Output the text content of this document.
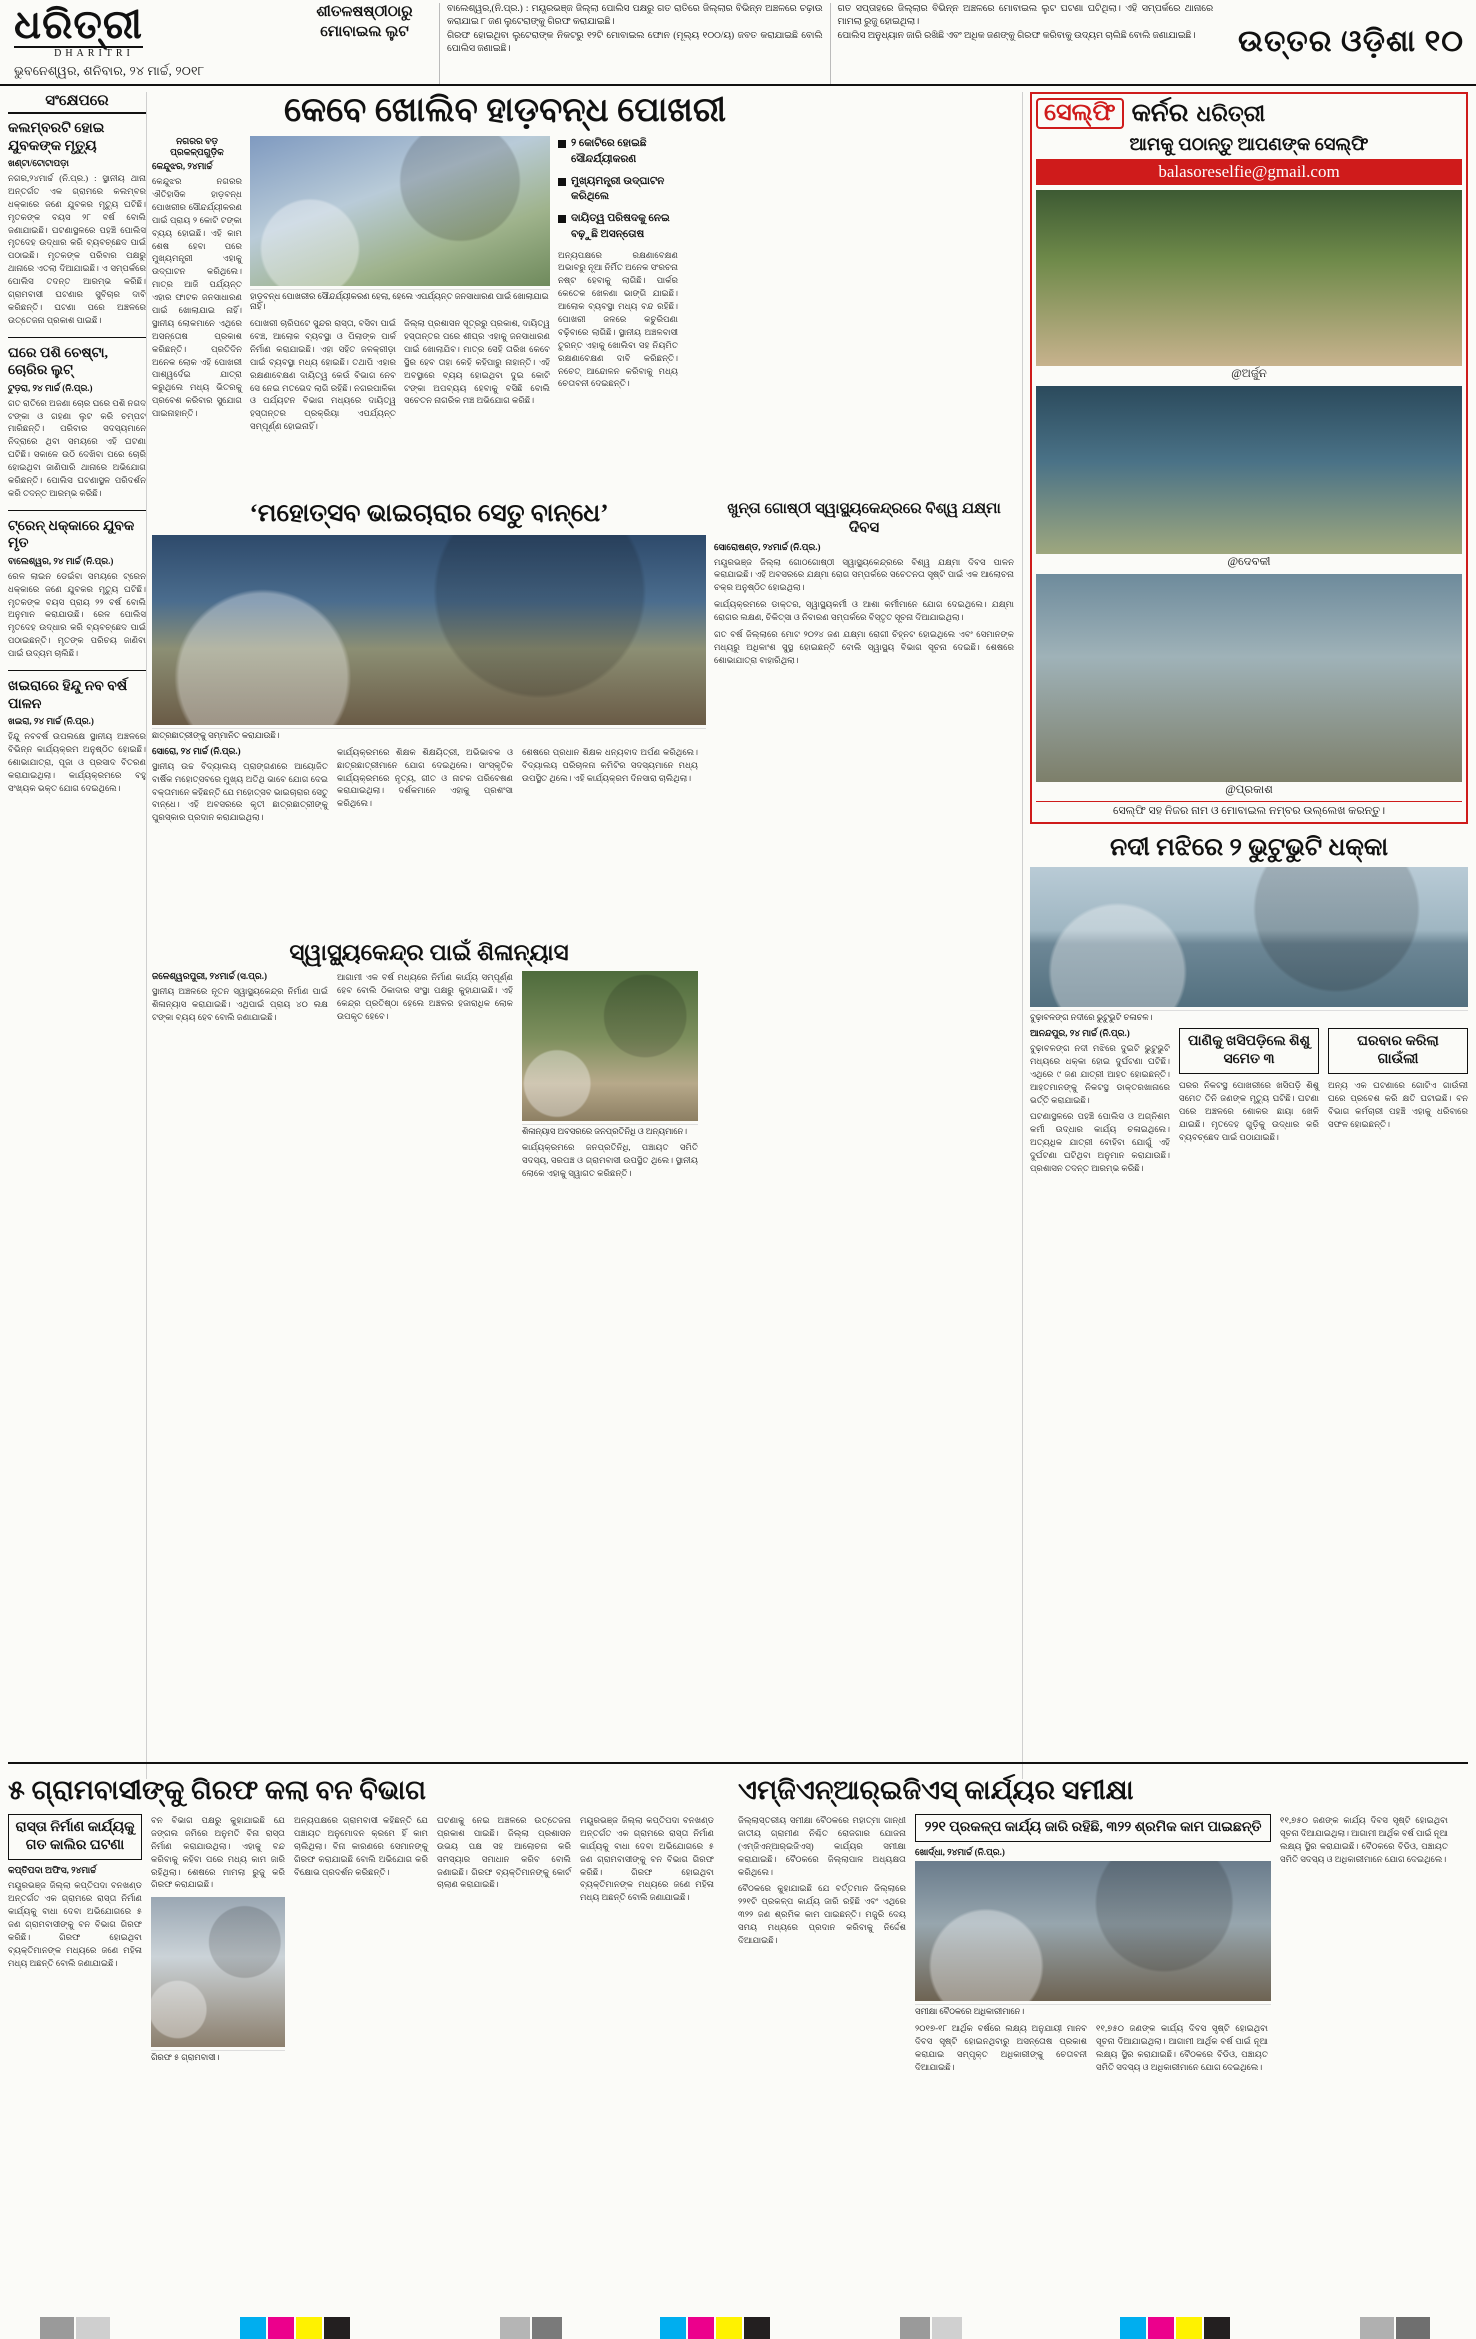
ଧରିତ୍ରୀ
DHARITRI
ଭୁବନେଶ୍ୱର, ଶନିବାର, ୨୪ ମାର୍ଚ୍ଚ, ୨୦୧୮
ଶୀତଳଷଷ୍ଠୀଠାରୁ
ମୋବାଇଲ ଲୁଟ
ବାଲେଶ୍ୱର,(ନି.ପ୍ର.) : ମୟୂରଭଞ୍ଜ ଜିଲ୍ଲା ପୋଲିସ ପକ୍ଷରୁ ଗତ ରାତିରେ ଜିଲ୍ଲାର ବିଭିନ୍ନ ଅଞ୍ଚଳରେ ଚଢ଼ାଉ କରାଯାଇ ୮ ଜଣ ଲୁଟେରାଙ୍କୁ ଗିରଫ କରାଯାଇଛି।
ଗିରଫ ହୋଇଥିବା ଲୁଟେରାଙ୍କ ନିକଟରୁ ୧୨ଟି ମୋବାଇଲ ଫୋନ (ମୂଲ୍ୟ ୧୦୦/ୟ) ଜବତ କରାଯାଇଛି ବୋଲି ପୋଲିସ ଜଣାଇଛି।
ଗତ ସପ୍ତାହରେ ଜିଲ୍ଲାର ବିଭିନ୍ନ ଅଞ୍ଚଳରେ ମୋବାଇଲ ଲୁଟ ଘଟଣା ଘଟିଥିଲା। ଏହି ସମ୍ପର୍କରେ ଥାନାରେ ମାମଲା ରୁଜୁ ହୋଇଥିଲା।
ପୋଲିସ ଅନୁଧ୍ୟାନ ଜାରି ରଖିଛି ଏବଂ ଅଧିକ ଜଣଙ୍କୁ ଗିରଫ କରିବାକୁ ଉଦ୍ୟମ ଚାଲିଛି ବୋଲି ଜଣାଯାଇଛି।	ଉତ୍ତର ଓଡ଼ିଶା ୧୦
ସଂକ୍ଷେପରେ
କଲମ୍ବରଟି ହୋଇ ଯୁବକଙ୍କ ମୃତ୍ୟୁ
ଖଣ୍ଟା/ଟୋଟାପଡ଼ା
ନଗର,୨୪ମାର୍ଚ୍ଚ (ନି.ପ୍ର.) : ସ୍ଥାନୀୟ ଥାନା ଅନ୍ତର୍ଗତ ଏକ ଗ୍ରାମରେ କଲମ୍ବର ଧକ୍କାରେ ଜଣେ ଯୁବକର ମୃତ୍ୟୁ ଘଟିଛି। ମୃତକଙ୍କ ବୟସ ୨୮ ବର୍ଷ ବୋଲି ଜଣାଯାଇଛି। ଘଟଣାସ୍ଥଳରେ ପହଞ୍ଚି ପୋଲିସ ମୃତଦେହ ଉଦ୍ଧାର କରି ବ୍ୟବଚ୍ଛେଦ ପାଇଁ ପଠାଇଛି। ମୃତକଙ୍କ ପରିବାର ପକ୍ଷରୁ ଥାନାରେ ଏତଲା ଦିଆଯାଇଛି। ଏ ସମ୍ପର୍କରେ ପୋଲିସ ତଦନ୍ତ ଆରମ୍ଭ କରିଛି। ଗ୍ରାମବାସୀ ଘଟଣାର ସୁବିଚାର ଦାବି କରିଛନ୍ତି। ଘଟଣା ପରେ ଅଞ୍ଚଳରେ ଉତ୍ତେଜନା ପ୍ରକାଶ ପାଇଛି।
ଘରେ ପଶି ଚେଷ୍ଟା, ଚୋରିର ଲୁଟ୍
ଟୁଡ଼ରା, ୨୪ ମାର୍ଚ୍ଚ (ନି.ପ୍ର.)
ଗତ ରାତିରେ ଅଜଣା ଚୋର ଘରେ ପଶି ନଗଦ ଟଙ୍କା ଓ ଗହଣା ଲୁଟ କରି ଚମ୍ପଟ ମାରିଛନ୍ତି। ପରିବାର ସଦସ୍ୟମାନେ ନିଦ୍ରାରେ ଥିବା ସମୟରେ ଏହି ଘଟଣା ଘଟିଛି। ସକାଳେ ଉଠି ଦେଖିବା ପରେ ଚୋରି ହୋଇଥିବା ଜାଣିପାରି ଥାନାରେ ଅଭିଯୋଗ କରିଛନ୍ତି। ପୋଲିସ ଘଟଣାସ୍ଥଳ ପରିଦର୍ଶନ କରି ତଦନ୍ତ ଆରମ୍ଭ କରିଛି।
ଟ୍ରେନ୍ ଧକ୍କାରେ ଯୁବକ ମୃତ
ବାଲେଶ୍ୱର, ୨୪ ମାର୍ଚ୍ଚ (ନି.ପ୍ର.)
ରେଳ ଲାଇନ ଡେଇଁବା ସମୟରେ ଟ୍ରେନ ଧକ୍କାରେ ଜଣେ ଯୁବକର ମୃତ୍ୟୁ ଘଟିଛି। ମୃତକଙ୍କ ବୟସ ପ୍ରାୟ ୨୨ ବର୍ଷ ବୋଲି ଅନୁମାନ କରାଯାଉଛି। ରେଳ ପୋଲିସ ମୃତଦେହ ଉଦ୍ଧାର କରି ବ୍ୟବଚ୍ଛେଦ ପାଇଁ ପଠାଇଛନ୍ତି। ମୃତଙ୍କ ପରିଚୟ ଜାଣିବା ପାଇଁ ଉଦ୍ୟମ ଚାଲିଛି।
ଖଇରାରେ ହିନ୍ଦୁ ନବ ବର୍ଷ ପାଳନ
ଖଇରା, ୨୪ ମାର୍ଚ୍ଚ (ନି.ପ୍ର.)
ହିନ୍ଦୁ ନବବର୍ଷ ଉପଲକ୍ଷେ ସ୍ଥାନୀୟ ଅଞ୍ଚଳରେ ବିଭିନ୍ନ କାର୍ଯ୍ୟକ୍ରମ ଅନୁଷ୍ଠିତ ହୋଇଛି। ଶୋଭାଯାତ୍ରା, ପୂଜା ଓ ପ୍ରସାଦ ବିତରଣ କରାଯାଇଥିଲା। କାର୍ଯ୍ୟକ୍ରମରେ ବହୁ ସଂଖ୍ୟକ ଭକ୍ତ ଯୋଗ ଦେଇଥିଲେ।
କେବେ ଖୋଲିବ ହାଡ଼ବନ୍ଧ ପୋଖରୀ
ନଗରର ବଡ଼ ପ୍ରକଳ୍ପଗୁଡ଼ିକ
କେନ୍ଦୁଝର, ୨୪ମାର୍ଚ୍ଚ
କେନ୍ଦୁଝର ନଗରର ଐତିହାସିକ ହାଡ଼ବନ୍ଧ ପୋଖରୀର ସୌନ୍ଦର୍ଯ୍ୟୀକରଣ ପାଇଁ ପ୍ରାୟ ୨ କୋଟି ଟଙ୍କା ବ୍ୟୟ ହୋଇଛି। ଏହି କାମ ଶେଷ ହେବା ପରେ ମୁଖ୍ୟମନ୍ତ୍ରୀ ଏହାକୁ ଉଦ୍‌ଘାଟନ କରିଥିଲେ। ମାତ୍ର ଆଜି ପର୍ଯ୍ୟନ୍ତ ଏହାର ଫାଟକ ଜନସାଧାରଣ ପାଇଁ ଖୋଲାଯାଇ ନାହିଁ। ସ୍ଥାନୀୟ ଲୋକମାନେ ଏଥିରେ ଅସନ୍ତୋଷ ପ୍ରକାଶ କରିଛନ୍ତି। ପ୍ରତିଦିନ ଅନେକ ଲୋକ ଏହି ପୋଖରୀ ପାଶ୍ୱର୍ଦେଇ ଯାତ୍ରା କରୁଥିଲେ ମଧ୍ୟ ଭିତରକୁ ପ୍ରବେଶ କରିବାର ସୁଯୋଗ ପାଇନାହାନ୍ତି।
ହାଡ଼ବନ୍ଧ ପୋଖରୀର ସୌନ୍ଦର୍ଯ୍ୟୀକରଣ ହେଲା, ହେଲେ ଏପର୍ଯ୍ୟନ୍ତ ଜନସାଧାରଣ ପାଇଁ ଖୋଲାଯାଇ ନାହିଁ।
ପୋଖରୀ ଚାରିପଟେ ସୁନ୍ଦର ରାସ୍ତା, ବସିବା ପାଇଁ ବେଞ୍ଚ, ଆଲୋକ ବ୍ୟବସ୍ଥା ଓ ପିଲାଙ୍କ ପାର୍କ ନିର୍ମାଣ କରାଯାଇଛି। ଏହା ସହିତ ଜଳକ୍ରୀଡ଼ା ପାଇଁ ବ୍ୟବସ୍ଥା ମଧ୍ୟ ହୋଇଛି। ତଥାପି ଏହାର ରକ୍ଷଣାବେକ୍ଷଣ ଦାୟିତ୍ୱ କେଉଁ ବିଭାଗ ନେବ ସେ ନେଇ ମତଭେଦ ଲାଗି ରହିଛି। ନଗରପାଳିକା ଓ ପର୍ଯ୍ୟଟନ ବିଭାଗ ମଧ୍ୟରେ ଦାୟିତ୍ୱ ହସ୍ତାନ୍ତର ପ୍ରକ୍ରିୟା ଏପର୍ଯ୍ୟନ୍ତ ସମ୍ପୂର୍ଣ୍ଣ ହୋଇନାହିଁ।
ଜିଲ୍ଲା ପ୍ରଶାସନ ସୂତ୍ରରୁ ପ୍ରକାଶ, ଦାୟିତ୍ୱ ହସ୍ତାନ୍ତର ପରେ ଶୀଘ୍ର ଏହାକୁ ଜନସାଧାରଣ ପାଇଁ ଖୋଲାଯିବ। ମାତ୍ର ସେହି ତାରିଖ କେବେ ସ୍ଥିର ହେବ ତାହା କେହି କହିପାରୁ ନାହାନ୍ତି। ଏହି ଅବସ୍ଥାରେ ବ୍ୟୟ ହୋଇଥିବା ଦୁଇ କୋଟି ଟଙ୍କା ଅପବ୍ୟୟ ହେବାକୁ ବସିଛି ବୋଲି ସଚେତନ ନାଗରିକ ମଞ୍ଚ ଅଭିଯୋଗ କରିଛି।
୨ କୋଟିରେ ହୋଇଛି ସୌନ୍ଦର୍ଯ୍ୟୀକରଣ
ମୁଖ୍ୟମନ୍ତ୍ରୀ ଉଦ୍‌ଘାଟନ କରିଥିଲେ
ଦାୟିତ୍ୱ ପରିଷଦକୁ ନେଇ ବଢ଼ୁଛି ଅସନ୍ତୋଷ
ଅନ୍ୟପକ୍ଷରେ ରକ୍ଷଣାବେକ୍ଷଣ ଅଭାବରୁ ନୂଆ ନିର୍ମିତ ଅନେକ ସଂରଚନା ନଷ୍ଟ ହେବାକୁ ଲାଗିଛି। ପାର୍କର କେତେକ ଖେଳଣା ଭାଙ୍ଗି ଯାଇଛି। ଆଲୋକ ବ୍ୟବସ୍ଥା ମଧ୍ୟ ବନ୍ଦ ରହିଛି। ପୋଖରୀ ଜଳରେ କଚୁରିପଣା ବଢ଼ିବାରେ ଲାଗିଛି। ସ୍ଥାନୀୟ ଅଞ୍ଚଳବାସୀ ତୁରନ୍ତ ଏହାକୁ ଖୋଲିବା ସହ ନିୟମିତ ରକ୍ଷଣାବେକ୍ଷଣ ଦାବି କରିଛନ୍ତି। ନଚେତ୍ ଆନ୍ଦୋଳନ କରିବାକୁ ମଧ୍ୟ ଚେତାବନୀ ଦେଇଛନ୍ତି।
‘ମହୋତ୍ସବ ଭାଇଚାରାର ସେତୁ ବାନ୍ଧେ’
ଛାତ୍ରଛାତ୍ରୀଙ୍କୁ ସମ୍ମାନିତ କରାଯାଉଛି।
ସୋରୋ, ୨୪ ମାର୍ଚ୍ଚ (ନି.ପ୍ର.)
ସ୍ଥାନୀୟ ଉଚ୍ଚ ବିଦ୍ୟାଲୟ ପ୍ରାଙ୍ଗଣରେ ଆୟୋଜିତ ବାର୍ଷିକ ମହୋତ୍ସବରେ ମୁଖ୍ୟ ଅତିଥି ଭାବେ ଯୋଗ ଦେଇ ବକ୍ତାମାନେ କହିଛନ୍ତି ଯେ ମହୋତ୍ସବ ଭାଇଚାରାର ସେତୁ ବାନ୍ଧେ। ଏହି ଅବସରରେ କୃତୀ ଛାତ୍ରଛାତ୍ରୀଙ୍କୁ ପୁରସ୍କାର ପ୍ରଦାନ କରାଯାଇଥିଲା।
କାର୍ଯ୍ୟକ୍ରମରେ ଶିକ୍ଷକ ଶିକ୍ଷୟିତ୍ରୀ, ଅଭିଭାବକ ଓ ଛାତ୍ରଛାତ୍ରୀମାନେ ଯୋଗ ଦେଇଥିଲେ। ସାଂସ୍କୃତିକ କାର୍ଯ୍ୟକ୍ରମରେ ନୃତ୍ୟ, ଗୀତ ଓ ନାଟକ ପରିବେଷଣ କରାଯାଇଥିଲା। ଦର୍ଶକମାନେ ଏହାକୁ ପ୍ରଶଂସା କରିଥିଲେ।
ଶେଷରେ ପ୍ରଧାନ ଶିକ୍ଷକ ଧନ୍ୟବାଦ ଅର୍ପଣ କରିଥିଲେ। ବିଦ୍ୟାଲୟ ପରିଚାଳନା କମିଟିର ସଦସ୍ୟମାନେ ମଧ୍ୟ ଉପସ୍ଥିତ ଥିଲେ। ଏହି କାର୍ଯ୍ୟକ୍ରମ ଦିନସାରା ଚାଲିଥିଲା।
ସ୍ୱାସ୍ଥ୍ୟକେନ୍ଦ୍ର ପାଇଁ ଶିଳାନ୍ୟାସ
ଜଳେଶ୍ୱରପୁରୀ, ୨୪ମାର୍ଚ୍ଚ (ସ.ପ୍ର.)
ସ୍ଥାନୀୟ ଅଞ୍ଚଳରେ ନୂତନ ସ୍ୱାସ୍ଥ୍ୟକେନ୍ଦ୍ର ନିର୍ମାଣ ପାଇଁ ଶିଳାନ୍ୟାସ କରାଯାଇଛି। ଏଥିପାଇଁ ପ୍ରାୟ ୪୦ ଲକ୍ଷ ଟଙ୍କା ବ୍ୟୟ ହେବ ବୋଲି ଜଣାଯାଇଛି।
ଆଗାମୀ ଏକ ବର୍ଷ ମଧ୍ୟରେ ନିର୍ମାଣ କାର୍ଯ୍ୟ ସମ୍ପୂର୍ଣ୍ଣ ହେବ ବୋଲି ଠିକାଦାର ସଂସ୍ଥା ପକ୍ଷରୁ କୁହାଯାଇଛି। ଏହି କେନ୍ଦ୍ର ପ୍ରତିଷ୍ଠା ହେଲେ ଅଞ୍ଚଳର ହଜାରାଧିକ ଲୋକ ଉପକୃତ ହେବେ।
ଶିଳାନ୍ୟାସ ଅବସରରେ ଜନପ୍ରତିନିଧି ଓ ଅନ୍ୟମାନେ।
କାର୍ଯ୍ୟକ୍ରମରେ ଜନପ୍ରତିନିଧି, ପଞ୍ଚାୟତ ସମିତି ସଦସ୍ୟ, ସରପଞ୍ଚ ଓ ଗ୍ରାମବାସୀ ଉପସ୍ଥିତ ଥିଲେ। ସ୍ଥାନୀୟ ଲୋକେ ଏହାକୁ ସ୍ୱାଗତ କରିଛନ୍ତି।
ଖୁନ୍ତା ଗୋଷ୍ଠୀ ସ୍ୱାସ୍ଥ୍ୟକେନ୍ଦ୍ରରେ ବିଶ୍ୱ ଯକ୍ଷ୍ମା ଦିବସ
ସୋରୋଷଣ୍ଡ, ୨୪ମାର୍ଚ୍ଚ (ନି.ପ୍ର.)
ମୟୂରଭଞ୍ଜ ଜିଲ୍ଲା ଗୋଠଗୋଷ୍ଠୀ ସ୍ୱାସ୍ଥ୍ୟକେନ୍ଦ୍ରରେ ବିଶ୍ୱ ଯକ୍ଷ୍ମା ଦିବସ ପାଳନ କରାଯାଇଛି। ଏହି ଅବସରରେ ଯକ୍ଷ୍ମା ରୋଗ ସମ୍ପର୍କରେ ସଚେତନତା ସୃଷ୍ଟି ପାଇଁ ଏକ ଆଲୋଚନା ଚକ୍ର ଅନୁଷ୍ଠିତ ହୋଇଥିଲା।
କାର୍ଯ୍ୟକ୍ରମରେ ଡାକ୍ତର, ସ୍ୱାସ୍ଥ୍ୟକର୍ମୀ ଓ ଆଶା କର୍ମୀମାନେ ଯୋଗ ଦେଇଥିଲେ। ଯକ୍ଷ୍ମା ରୋଗର ଲକ୍ଷଣ, ଚିକିତ୍ସା ଓ ନିବାରଣ ସମ୍ପର୍କରେ ବିସ୍ତୃତ ସୂଚନା ଦିଆଯାଇଥିଲା।
ଗତ ବର୍ଷ ଜିଲ୍ଲାରେ ମୋଟ ୨୦୨୪ ଜଣ ଯକ୍ଷ୍ମା ରୋଗୀ ଚିହ୍ନଟ ହୋଇଥିଲେ ଏବଂ ସେମାନଙ୍କ ମଧ୍ୟରୁ ଅଧିକାଂଶ ସୁସ୍ଥ ହୋଇଛନ୍ତି ବୋଲି ସ୍ୱାସ୍ଥ୍ୟ ବିଭାଗ ସୂଚନା ଦେଇଛି। ଶେଷରେ ଶୋଭାଯାତ୍ରା ବାହାରିଥିଲା।
ସେଲ୍‌ଫି କର୍ନର ଧରିତ୍ରୀ
ଆମକୁ ପଠାନ୍ତୁ ଆପଣଙ୍କ ସେଲ୍‌ଫି
balasoreselfie@gmail.com
@ଅର୍ଜୁନ
@ଦେବକୀ
@ପ୍ରକାଶ
ସେଲ୍‌ଫି ସହ ନିଜର ନାମ ଓ ମୋବାଇଲ ନମ୍ବର ଉଲ୍ଲେଖ କରନ୍ତୁ।
ନଦୀ ମଝିରେ ୨ ଭୁଟୁଭୁଟି ଧକ୍କା
ବୁଢ଼ାବଳଙ୍ଗ ନଦୀରେ ଭୁଟୁଭୁଟି ଚଳାଚଳ।
ଆନନ୍ଦପୁର, ୨୪ ମାର୍ଚ୍ଚ (ନି.ପ୍ର.)
ବୁଢ଼ାବଳଙ୍ଗ ନଦୀ ମଝିରେ ଦୁଇଟି ଭୁଟୁଭୁଟି ମଧ୍ୟରେ ଧକ୍କା ହୋଇ ଦୁର୍ଘଟଣା ଘଟିଛି। ଏଥିରେ ୯ ଜଣ ଯାତ୍ରୀ ଆହତ ହୋଇଛନ୍ତି। ଆହତମାନଙ୍କୁ ନିକଟସ୍ଥ ଡାକ୍ତରଖାନାରେ ଭର୍ତ୍ତି କରାଯାଇଛି।
ଘଟଣାସ୍ଥଳରେ ପହଞ୍ଚି ପୋଲିସ ଓ ଅଗ୍ନିଶମ କର୍ମୀ ଉଦ୍ଧାର କାର୍ଯ୍ୟ ଚଳାଇଥିଲେ। ଅତ୍ୟଧିକ ଯାତ୍ରୀ ବୋହିବା ଯୋଗୁଁ ଏହି ଦୁର୍ଘଟଣା ଘଟିଥିବା ଅନୁମାନ କରାଯାଉଛି। ପ୍ରଶାସନ ତଦନ୍ତ ଆରମ୍ଭ କରିଛି।
ପାଣିକୁ ଖସିପଡ଼ିଲେ ଶିଶୁ ସମେତ ୩
ଘରର ନିକଟସ୍ଥ ପୋଖରୀରେ ଖସିପଡ଼ି ଶିଶୁ ସମେତ ତିନି ଜଣଙ୍କ ମୃତ୍ୟୁ ଘଟିଛି। ଘଟଣା ପରେ ଅଞ୍ଚଳରେ ଶୋକର ଛାୟା ଖେଳି ଯାଇଛି। ମୃତଦେହ ଗୁଡ଼ିକୁ ଉଦ୍ଧାର କରି ବ୍ୟବଚ୍ଛେଦ ପାଇଁ ପଠାଯାଇଛି।
ଘରବାର କରିଲା ଗାଉଁଲୀ
ଅନ୍ୟ ଏକ ଘଟଣାରେ ଗୋଟିଏ ଗାଉଁଲୀ ଘରେ ପ୍ରବେଶ କରି କ୍ଷତି ଘଟାଇଛି। ବନ ବିଭାଗ କର୍ମଚାରୀ ପହଞ୍ଚି ଏହାକୁ ଧରିବାରେ ସଫଳ ହୋଇଛନ୍ତି।
୫ ଗ୍ରାମବାସୀଙ୍କୁ ଗିରଫ କଲା ବନ ବିଭାଗ
ରାସ୍ତା ନିର୍ମାଣ କାର୍ଯ୍ୟକୁ ଗତ କାଲିର ଘଟଣା
କପ୍ତିପଦା ଅଫିସ, ୨୪ମାର୍ଚ୍ଚ
ମୟୂରଭଞ୍ଜ ଜିଲ୍ଲା କପ୍ତିପଦା ବନଖଣ୍ଡ ଅନ୍ତର୍ଗତ ଏକ ଗ୍ରାମରେ ରାସ୍ତା ନିର୍ମାଣ କାର୍ଯ୍ୟକୁ ବାଧା ଦେବା ଅଭିଯୋଗରେ ୫ ଜଣ ଗ୍ରାମବାସୀଙ୍କୁ ବନ ବିଭାଗ ଗିରଫ କରିଛି। ଗିରଫ ହୋଇଥିବା ବ୍ୟକ୍ତିମାନଙ୍କ ମଧ୍ୟରେ ଜଣେ ମହିଳା ମଧ୍ୟ ଅଛନ୍ତି ବୋଲି ଜଣାଯାଇଛି।
ବନ ବିଭାଗ ପକ୍ଷରୁ କୁହାଯାଇଛି ଯେ ଜଙ୍ଗଲ ଜମିରେ ଅନୁମତି ବିନା ରାସ୍ତା ନିର୍ମାଣ କରାଯାଉଥିଲା। ଏହାକୁ ବନ୍ଦ କରିବାକୁ କହିବା ପରେ ମଧ୍ୟ କାମ ଜାରି ରହିଥିଲା। ଶେଷରେ ମାମଲା ରୁଜୁ କରି ଗିରଫ କରାଯାଇଛି।
ଗିରଫ ୫ ଗ୍ରାମବାସୀ।
ଅନ୍ୟପକ୍ଷରେ ଗ୍ରାମବାସୀ କହିଛନ୍ତି ଯେ ପଞ୍ଚାୟତ ଅନୁମୋଦନ କ୍ରମେ ହିଁ କାମ ଚାଲିଥିଲା। ବିନା କାରଣରେ ସେମାନଙ୍କୁ ଗିରଫ କରାଯାଇଛି ବୋଲି ଅଭିଯୋଗ କରି ବିକ୍ଷୋଭ ପ୍ରଦର୍ଶନ କରିଛନ୍ତି।
ଘଟଣାକୁ ନେଇ ଅଞ୍ଚଳରେ ଉତ୍ତେଜନା ପ୍ରକାଶ ପାଇଛି। ଜିଲ୍ଲା ପ୍ରଶାସନ ଉଭୟ ପକ୍ଷ ସହ ଆଲୋଚନା କରି ସମସ୍ୟାର ସମାଧାନ କରିବ ବୋଲି ଜଣାଇଛି। ଗିରଫ ବ୍ୟକ୍ତିମାନଙ୍କୁ କୋର୍ଟ ଚାଲାଣ କରାଯାଇଛି।
ମୟୂରଭଞ୍ଜ ଜିଲ୍ଲା କପ୍ତିପଦା ବନଖଣ୍ଡ ଅନ୍ତର୍ଗତ ଏକ ଗ୍ରାମରେ ରାସ୍ତା ନିର୍ମାଣ କାର୍ଯ୍ୟକୁ ବାଧା ଦେବା ଅଭିଯୋଗରେ ୫ ଜଣ ଗ୍ରାମବାସୀଙ୍କୁ ବନ ବିଭାଗ ଗିରଫ କରିଛି। ଗିରଫ ହୋଇଥିବା ବ୍ୟକ୍ତିମାନଙ୍କ ମଧ୍ୟରେ ଜଣେ ମହିଳା ମଧ୍ୟ ଅଛନ୍ତି ବୋଲି ଜଣାଯାଇଛି।
ଏମ୍‌ଜିଏନ୍‌ଆର୍‌ଇଜିଏସ୍ କାର୍ଯ୍ୟର ସମୀକ୍ଷା
ଜିଲ୍ଲାସ୍ତରୀୟ ସମୀକ୍ଷା ବୈଠକରେ ମହାତ୍ମା ଗାନ୍ଧୀ ଜାତୀୟ ଗ୍ରାମୀଣ ନିଶ୍ଚିତ ରୋଜଗାର ଯୋଜନା (ଏମ୍‌ଜିଏନ୍‌ଆର୍‌ଇଜିଏସ୍) କାର୍ଯ୍ୟର ସମୀକ୍ଷା କରାଯାଇଛି। ବୈଠକରେ ଜିଲ୍ଲାପାଳ ଅଧ୍ୟକ୍ଷତା କରିଥିଲେ।
ବୈଠକରେ କୁହାଯାଇଛି ଯେ ବର୍ତ୍ତମାନ ଜିଲ୍ଲାରେ ୨୨୧ଟି ପ୍ରକଳ୍ପ କାର୍ଯ୍ୟ ଜାରି ରହିଛି ଏବଂ ଏଥିରେ ୩୨୨ ଜଣ ଶ୍ରମିକ କାମ ପାଇଛନ୍ତି। ମଜୁରି ଦେୟ ସମୟ ମଧ୍ୟରେ ପ୍ରଦାନ କରିବାକୁ ନିର୍ଦ୍ଦେଶ ଦିଆଯାଇଛି।
୨୨୧ ପ୍ରକଳ୍ପ କାର୍ଯ୍ୟ ଜାରି ରହିଛି, ୩୨୨ ଶ୍ରମିକ କାମ ପାଇଛନ୍ତି
ଖୋର୍ଦ୍ଧା, ୨୪ମାର୍ଚ୍ଚ (ନି.ପ୍ର.)
ସମୀକ୍ଷା ବୈଠକରେ ଅଧିକାରୀମାନେ।
୨୦୧୭-୧୮ ଆର୍ଥିକ ବର୍ଷରେ ଲକ୍ଷ୍ୟ ଅନୁଯାୟୀ ମାନବ ଦିବସ ସୃଷ୍ଟି ହୋଇନଥିବାରୁ ଅସନ୍ତୋଷ ପ୍ରକାଶ କରାଯାଇ ସମ୍ପୃକ୍ତ ଅଧିକାରୀଙ୍କୁ ଚେତାବନୀ ଦିଆଯାଇଛି।
୧୧,୭୫୦ ଜଣଙ୍କ କାର୍ଯ୍ୟ ଦିବସ ସୃଷ୍ଟି ହୋଇଥିବା ସୂଚନା ଦିଆଯାଇଥିଲା। ଆଗାମୀ ଆର୍ଥିକ ବର୍ଷ ପାଇଁ ନୂଆ ଲକ୍ଷ୍ୟ ସ୍ଥିର କରାଯାଇଛି। ବୈଠକରେ ବିଡିଓ, ପଞ୍ଚାୟତ ସମିତି ସଦସ୍ୟ ଓ ଅଧିକାରୀମାନେ ଯୋଗ ଦେଇଥିଲେ।
୧୧,୭୫୦ ଜଣଙ୍କ କାର୍ଯ୍ୟ ଦିବସ ସୃଷ୍ଟି ହୋଇଥିବା ସୂଚନା ଦିଆଯାଇଥିଲା। ଆଗାମୀ ଆର୍ଥିକ ବର୍ଷ ପାଇଁ ନୂଆ ଲକ୍ଷ୍ୟ ସ୍ଥିର କରାଯାଇଛି। ବୈଠକରେ ବିଡିଓ, ପଞ୍ଚାୟତ ସମିତି ସଦସ୍ୟ ଓ ଅଧିକାରୀମାନେ ଯୋଗ ଦେଇଥିଲେ।
